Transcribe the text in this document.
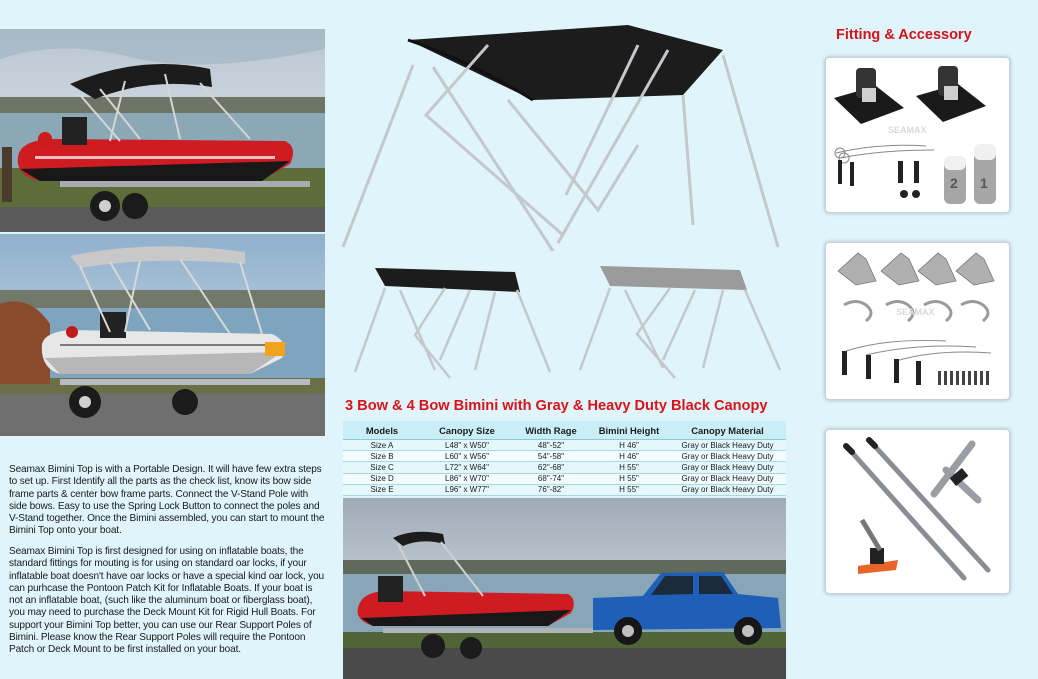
Seamax Bimini Top is with a Portable Design. It will have few extra steps to set up. First Identify all the parts as the check list, know its bow side frame parts & center bow frame parts. Connect the V-Stand Pole with side bows. Easy to use the Spring Lock Button to connect the poles and V-Stand together. Once the Bimini assembled, you can start to mount the Bimini Top onto your boat.

Seamax Bimini Top is first designed for using on inflatable boats, the standard fittings for mouting is for using on standard oar locks, if your inflatable boat doesn't have oar locks or have a special kind oar lock, you can purhcase the Pontoon Patch Kit for Inflatable Boats. If your boat is not an inflatable boat, (such like the aluminum boat or fiberglass boat), you may need to purchase the Deck Mount Kit for Rigid Hull Boats. For support your Bimini Top better, you can use our Rear Support Poles of Bimini. Please know the Rear Support Poles will require the Pontoon Patch or Deck Mount to be first installed on your boat.

3 Bow & 4 Bow Bimini with Gray & Heavy Duty Black Canopy
Models	Canopy Size	Width Rage	Bimini Height	Canopy Material
Size A	L48" x W50"	48"-52"	H 46"	Gray or Black Heavy Duty
Size B	L60" x W56"	54"-58"	H 46"	Gray or Black Heavy Duty
Size C	L72" x W64"	62"-68"	H 55"	Gray or Black Heavy Duty
Size D	L86" x W70"	68"-74"	H 55"	Gray or Black Heavy Duty
Size E	L96" x W77"	76"-82"	H 55"	Gray or Black Heavy Duty
Fitting & Accessory
SEAMAX
2 1
SEAMAX
